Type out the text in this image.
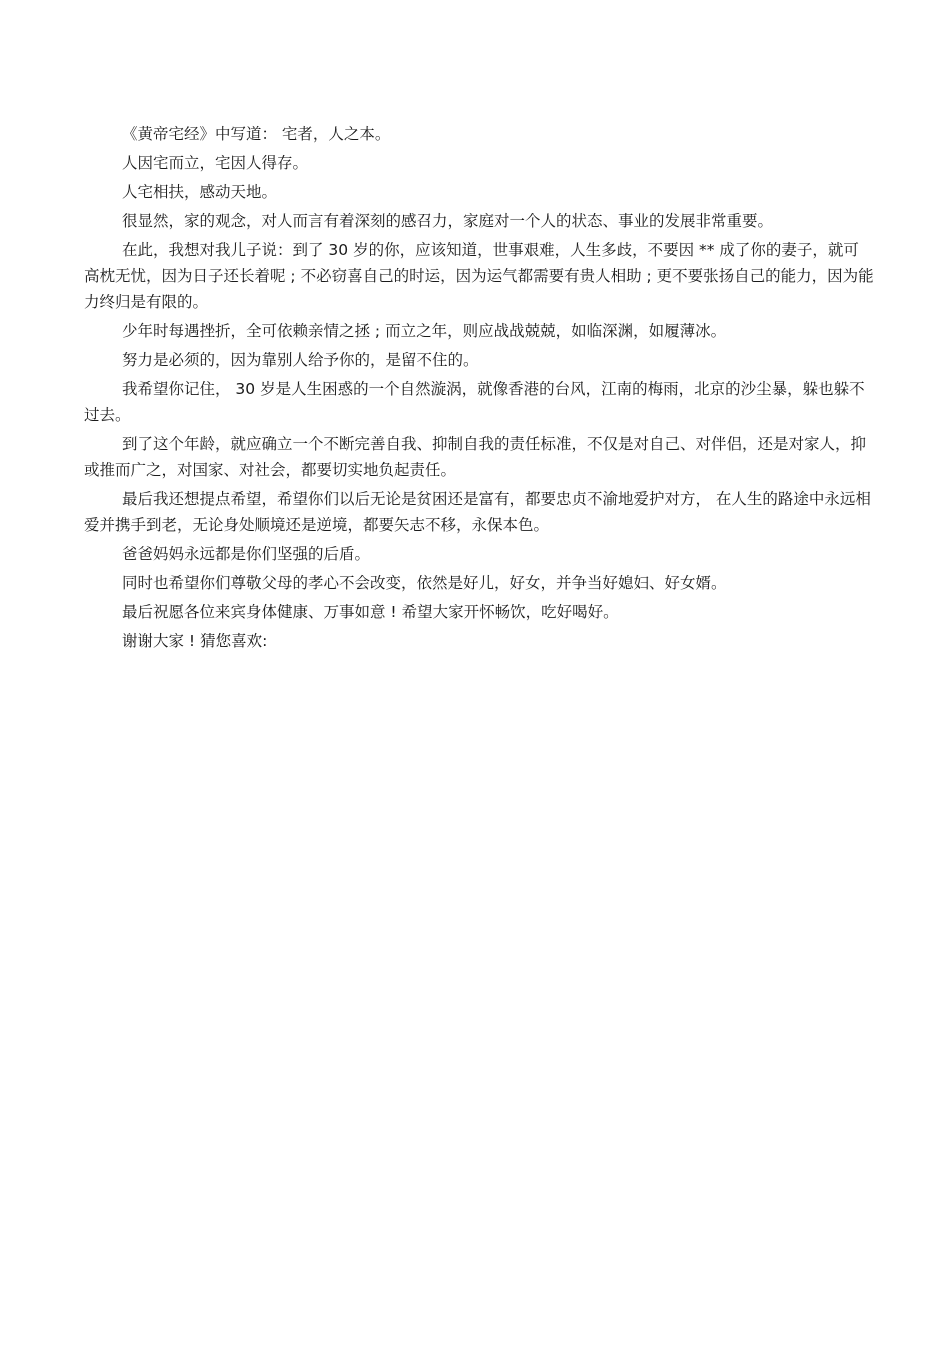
《黄帝宅经》中写道： 宅者，人之本。

人因宅而立，宅因人得存。

人宅相扶，感动天地。

很显然，家的观念，对人而言有着深刻的感召力，家庭对一个人的状态、事业的发展非常重要。

在此，我想对我儿子说：到了 30 岁的你，应该知道，世事艰难，人生多歧，不要因 ** 成了你的妻子，就可高枕无忧，因为日子还长着呢 ; 不必窃喜自己的时运，因为运气都需要有贵人相助 ; 更不要张扬自己的能力，因为能力终归是有限的。

少年时每遇挫折，全可依赖亲情之拯 ; 而立之年，则应战战兢兢，如临深渊，如履薄冰。

努力是必须的，因为靠别人给予你的，是留不住的。

我希望你记住， 30 岁是人生困惑的一个自然漩涡，就像香港的台风，江南的梅雨，北京的沙尘暴，躲也躲不过去。

到了这个年龄，就应确立一个不断完善自我、抑制自我的责任标准，不仅是对自己、对伴侣，还是对家人，抑或推而广之，对国家、对社会，都要切实地负起责任。

最后我还想提点希望，希望你们以后无论是贫困还是富有，都要忠贞不渝地爱护对方， 在人生的路途中永远相爱并携手到老，无论身处顺境还是逆境，都要矢志不移，永保本色。

爸爸妈妈永远都是你们坚强的后盾。

同时也希望你们尊敬父母的孝心不会改变，依然是好儿，好女，并争当好媳妇、好女婿。

最后祝愿各位来宾身体健康、万事如意 ! 希望大家开怀畅饮，吃好喝好。

谢谢大家 ! 猜您喜欢:
